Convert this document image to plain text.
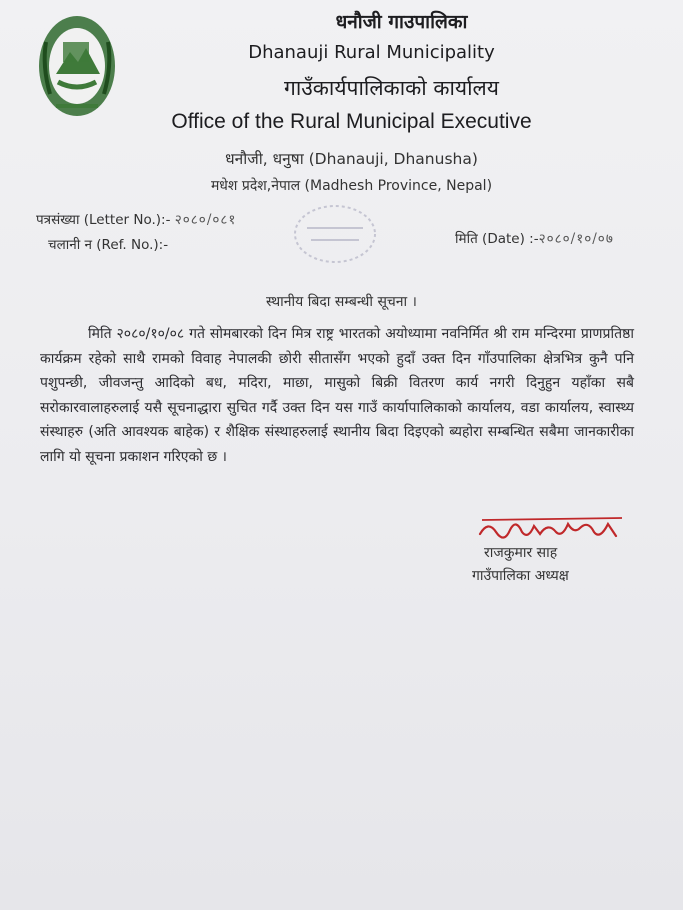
धनौजी गाउपालिका
Dhanauji Rural Municipality
गाउँकार्यपालिकाको कार्यालय
Office of the Rural Municipal Executive
धनौजी, धनुषा (Dhanauji, Dhanusha)
मधेश प्रदेश,नेपाल (Madhesh Province, Nepal)
पत्रसंख्या (Letter No.):- २०८०/०८१
चलानी न (Ref. No.):-	मिति (Date) :-२०८०/१०/०७
स्थानीय बिदा सम्बन्धी सूचना ।
मिति २०८०/१०/०८ गते सोमबारको दिन मित्र राष्ट्र भारतको अयोध्यामा नवनिर्मित श्री राम मन्दिरमा प्राणप्रतिष्ठा कार्यक्रम रहेको साथै रामको विवाह नेपालकी छोरी सीतासँग भएको हुदाँ उक्त दिन गाँउपालिका क्षेत्रभित्र कुनै पनि पशुपन्छी, जीवजन्तु आदिको बध, मदिरा, माछा, मासुको बिक्री वितरण कार्य नगरी दिनुहुन यहाँका सबै सरोकारवालाहरुलाई यसै सूचनाद्धारा सुचित गर्दै उक्त दिन यस गाउँ कार्यापालिकाको कार्यालय, वडा कार्यालय, स्वास्थ्य संस्थाहरु (अति आवश्यक बाहेक) र शैक्षिक संस्थाहरुलाई स्थानीय बिदा दिइएको ब्यहोरा सम्बन्धित सबैमा जानकारीका लागि यो सूचना प्रकाशन गरिएको छ ।
राजकुमार साह
गाउँपालिका अध्यक्ष
